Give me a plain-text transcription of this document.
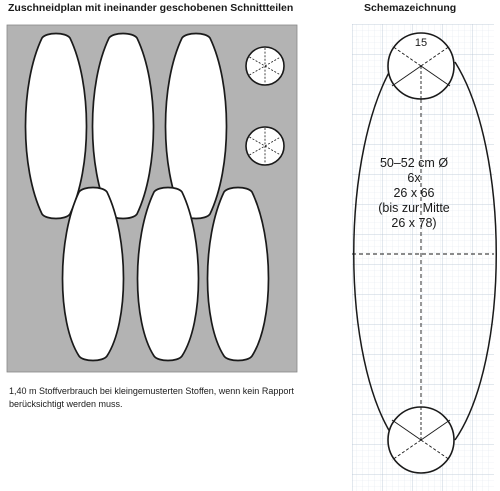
Zuschneidplan mit ineinander geschobenen Schnittteilen	Schemazeichnung
15
50–52 cm Ø
6x
26 x 66
(bis zur Mitte
26 x 78)
1,40 m Stoffverbrauch bei kleingemusterten Stoffen, wenn kein Rapport berücksichtigt werden muss.
